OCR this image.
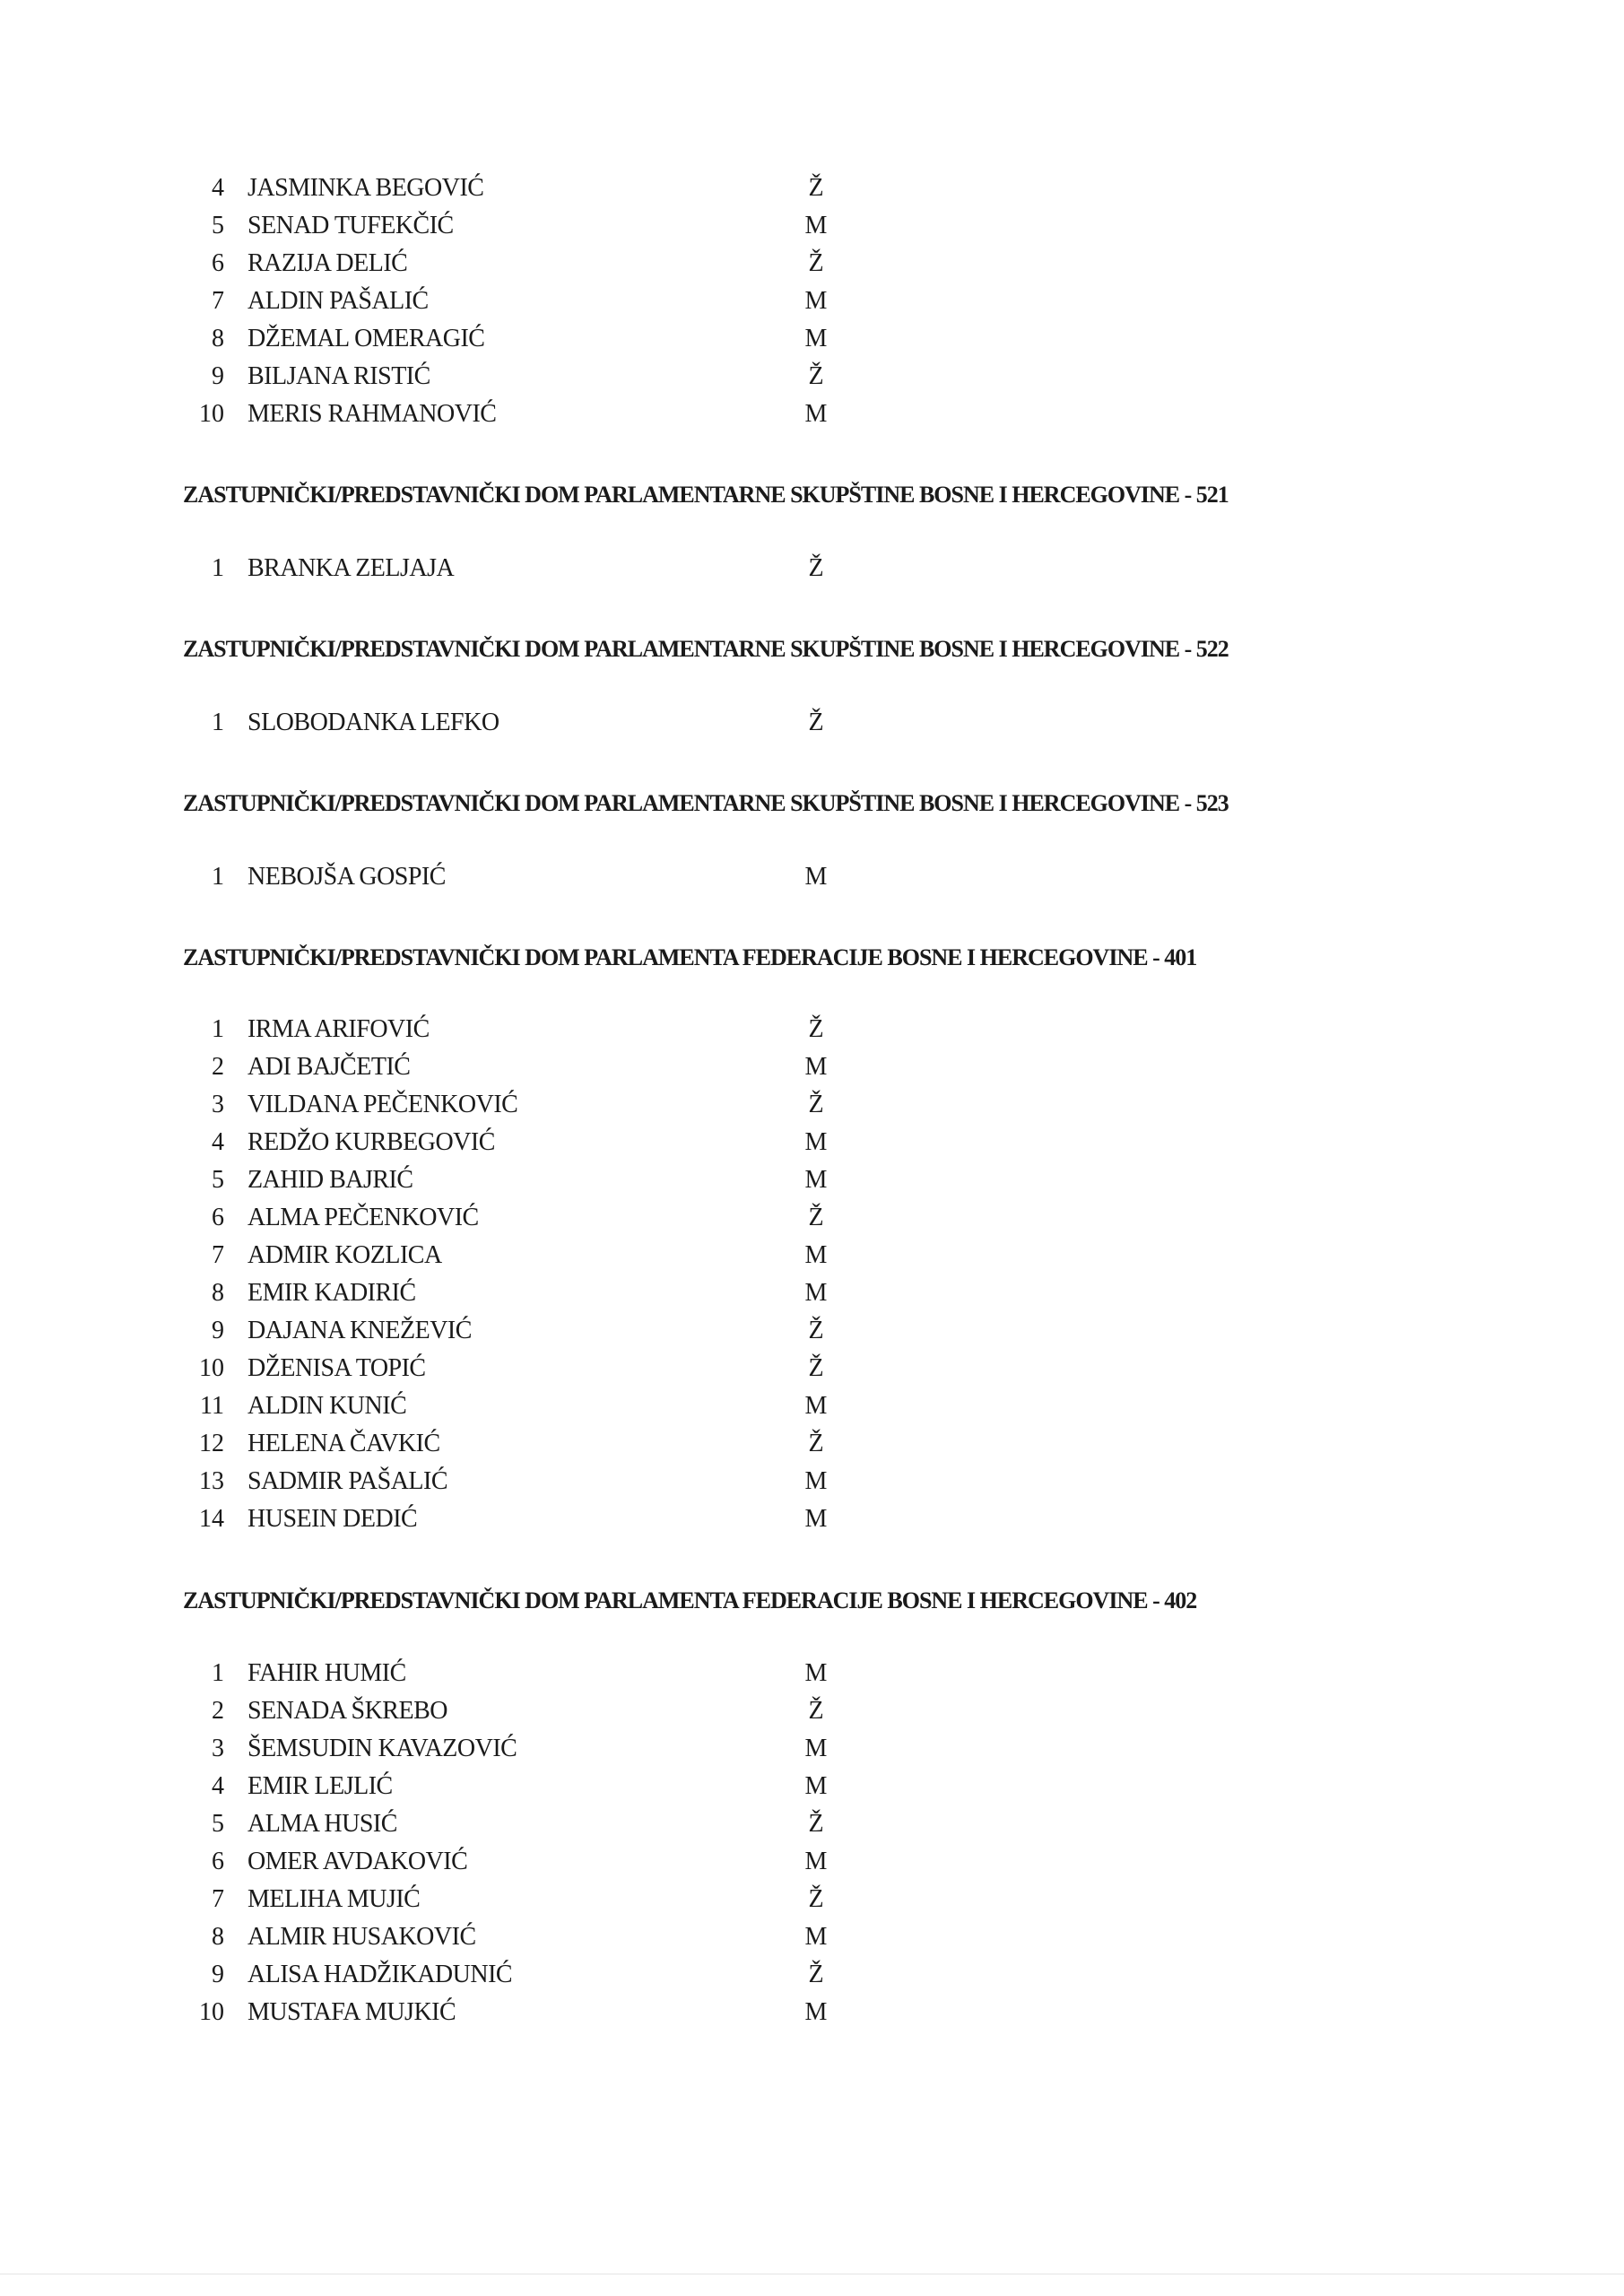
4 JASMINKA BEGOVIĆ	Ž
5 SENAD TUFEKČIĆ	M
6 RAZIJA DELIĆ	Ž
7 ALDIN PAŠALIĆ	M
8 DŽEMAL OMERAGIĆ	M
9 BILJANA RISTIĆ	Ž
10 MERIS RAHMANOVIĆ	M
ZASTUPNIČKI/PREDSTAVNIČKI DOM PARLAMENTARNE SKUPŠTINE BOSNE I HERCEGOVINE - 521
1 BRANKA ZELJAJA	Ž
ZASTUPNIČKI/PREDSTAVNIČKI DOM PARLAMENTARNE SKUPŠTINE BOSNE I HERCEGOVINE - 522
1 SLOBODANKA LEFKO	Ž
ZASTUPNIČKI/PREDSTAVNIČKI DOM PARLAMENTARNE SKUPŠTINE BOSNE I HERCEGOVINE - 523
1 NEBOJŠA GOSPIĆ	M
ZASTUPNIČKI/PREDSTAVNIČKI DOM PARLAMENTA FEDERACIJE BOSNE I HERCEGOVINE - 401
1 IRMA ARIFOVIĆ	Ž
2 ADI BAJČETIĆ	M
3 VILDANA PEČENKOVIĆ	Ž
4 REDŽO KURBEGOVIĆ	M
5 ZAHID BAJRIĆ	M
6 ALMA PEČENKOVIĆ	Ž
7 ADMIR KOZLICA	M
8 EMIR KADIRIĆ	M
9 DAJANA KNEŽEVIĆ	Ž
10 DŽENISA TOPIĆ	Ž
11 ALDIN KUNIĆ	M
12 HELENA ČAVKIĆ	Ž
13 SADMIR PAŠALIĆ	M
14 HUSEIN DEDIĆ	M
ZASTUPNIČKI/PREDSTAVNIČKI DOM PARLAMENTA FEDERACIJE BOSNE I HERCEGOVINE - 402
1 FAHIR HUMIĆ	M
2 SENADA ŠKREBO	Ž
3 ŠEMSUDIN KAVAZOVIĆ	M
4 EMIR LEJLIĆ	M
5 ALMA HUSIĆ	Ž
6 OMER AVDAKOVIĆ	M
7 MELIHA MUJIĆ	Ž
8 ALMIR HUSAKOVIĆ	M
9 ALISA HADŽIKADUNIĆ	Ž
10 MUSTAFA MUJKIĆ	M
